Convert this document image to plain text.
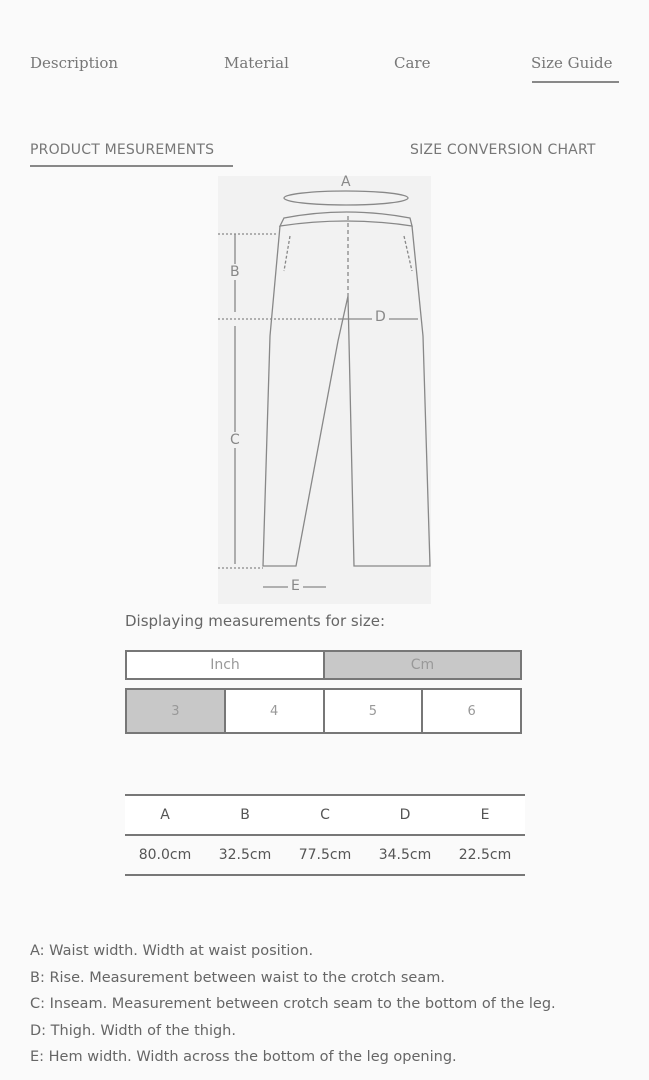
Description	Material	Care	Size Guide
PRODUCT MESUREMENTS	SIZE CONVERSION CHART
A
B
C
D
E
Displaying measurements for size:
Inch	Cm
3	4	5	6
A	B	C	D	E
80.0cm	32.5cm	77.5cm	34.5cm	22.5cm
A: Waist width. Width at waist position.
B: Rise. Measurement between waist to the crotch seam.
C: Inseam. Measurement between crotch seam to the bottom of the leg.
D: Thigh. Width of the thigh.
E: Hem width. Width across the bottom of the leg opening.
